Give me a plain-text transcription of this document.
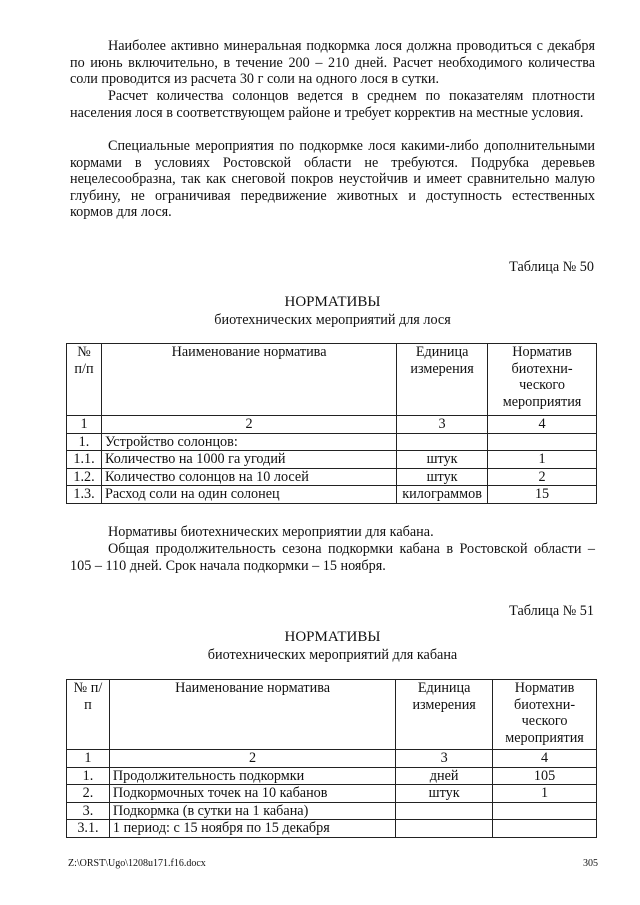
Наиболее активно минеральная подкормка лося должна проводиться с декабря по июнь включительно, в течение 200 – 210 дней. Расчет необходимого количества соли проводится из расчета 30 г соли на одного лося в сутки.

Расчет количества солонцов ведется в среднем по показателям плотности населения лося в соответствующем районе и требует корректив на местные условия.

Специальные мероприятия по подкормке лося какими-либо дополнительными кормами в условиях Ростовской области не требуются. Подрубка деревьев нецелесообразна, так как снеговой покров неустойчив и имеет сравнительно малую глубину, не ограничивая передвижение животных и доступность естественных кормов для лося.

Таблица № 50
НОРМАТИВЫ
биотехнических мероприятий для лося
№ п/п	Наименование норматива	Единица измерения	Норматив биотехни-ческого мероприятия
1	2	3	4
1.	Устройство солонцов:		
1.1.	Количество на 1000 га угодий	штук	1
1.2.	Количество солонцов на 10 лосей	штук	2
1.3.	Расход соли на один солонец	килограммов	15

Нормативы биотехнических мероприятии для кабана.

Общая продолжительность сезона подкормки кабана в Ростовской области – 105 – 110 дней. Срок начала подкормки – 15 ноября.

Таблица № 51
НОРМАТИВЫ
биотехнических мероприятий для кабана
№ п/п	Наименование норматива	Единица измерения	Норматив биотехни-ческого мероприятия
1	2	3	4
1.	Продолжительность подкормки	дней	105
2.	Подкормочных точек на 10 кабанов	штук	1
3.	Подкормка (в сутки на 1 кабана)		
3.1.	1 период: с 15 ноября по 15 декабря		
Z:\ORST\Ugo\1208u171.f16.docx	305
